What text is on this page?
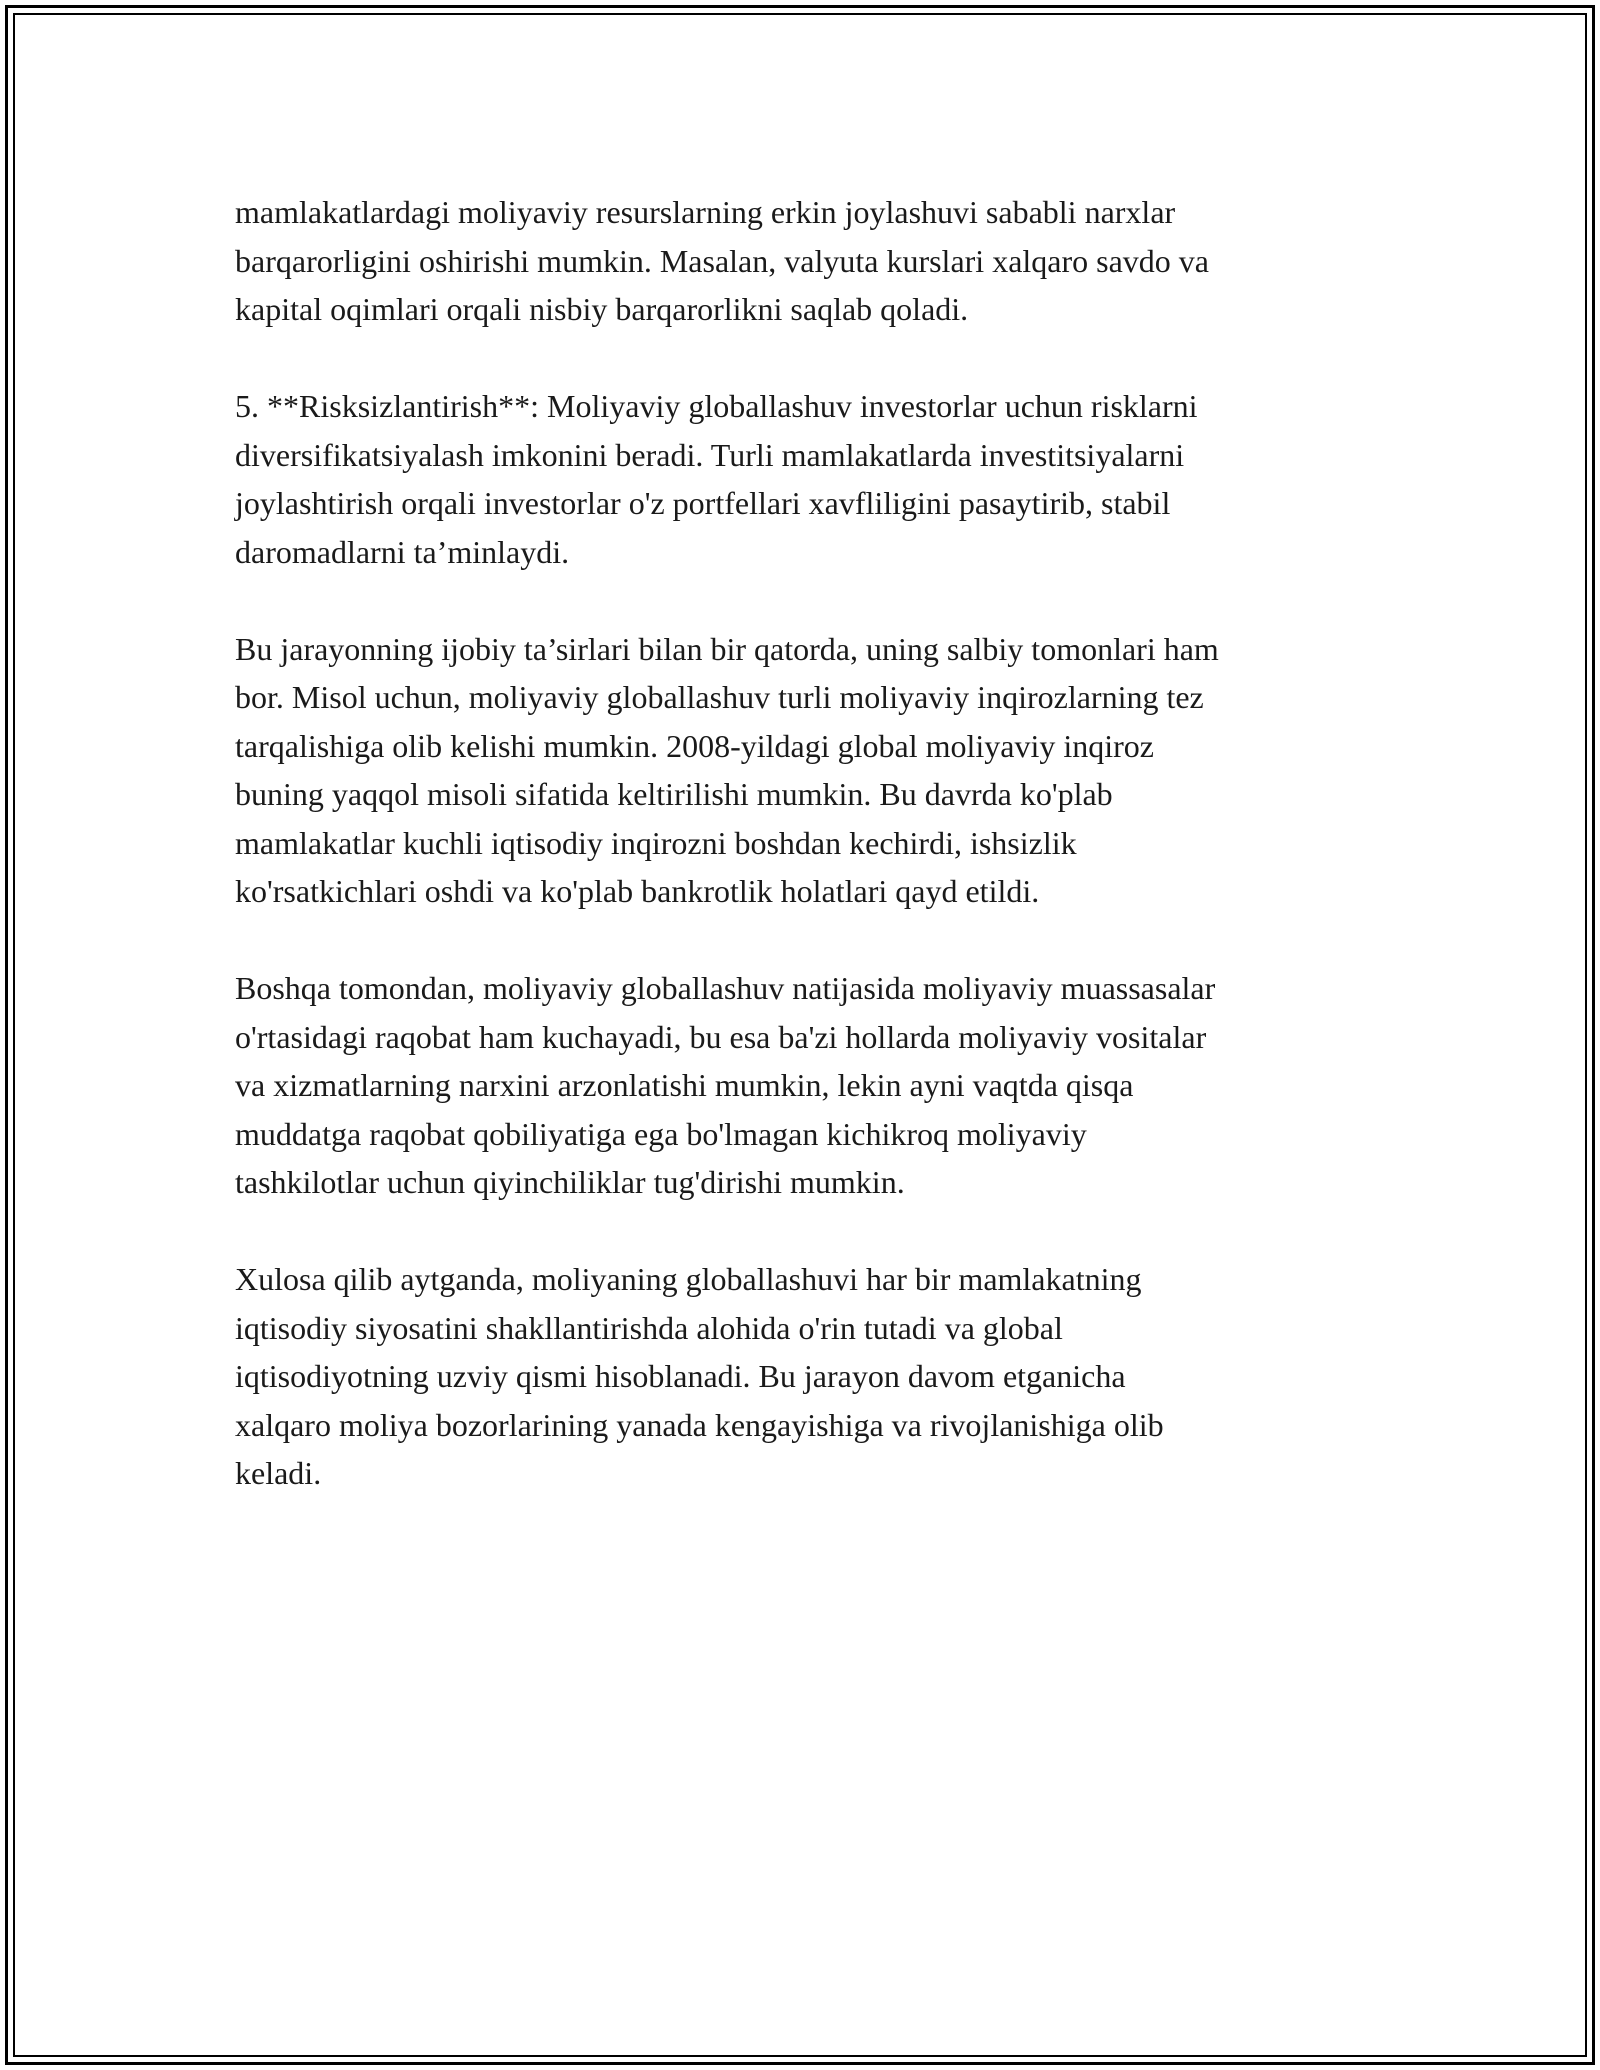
mamlakatlardagi moliyaviy resurslarning erkin joylashuvi sababli narxlar
barqarorligini oshirishi mumkin. Masalan, valyuta kurslari xalqaro savdo va
kapital oqimlari orqali nisbiy barqarorlikni saqlab qoladi.

5. **Risksizlantirish**: Moliyaviy globallashuv investorlar uchun risklarni
diversifikatsiyalash imkonini beradi. Turli mamlakatlarda investitsiyalarni
joylashtirish orqali investorlar o'z portfellari xavfliligini pasaytirib, stabil
daromadlarni ta’minlaydi.

Bu jarayonning ijobiy ta’sirlari bilan bir qatorda, uning salbiy tomonlari ham
bor. Misol uchun, moliyaviy globallashuv turli moliyaviy inqirozlarning tez
tarqalishiga olib kelishi mumkin. 2008-yildagi global moliyaviy inqiroz
buning yaqqol misoli sifatida keltirilishi mumkin. Bu davrda ko'plab
mamlakatlar kuchli iqtisodiy inqirozni boshdan kechirdi, ishsizlik
ko'rsatkichlari oshdi va ko'plab bankrotlik holatlari qayd etildi.

Boshqa tomondan, moliyaviy globallashuv natijasida moliyaviy muassasalar
o'rtasidagi raqobat ham kuchayadi, bu esa ba'zi hollarda moliyaviy vositalar
va xizmatlarning narxini arzonlatishi mumkin, lekin ayni vaqtda qisqa
muddatga raqobat qobiliyatiga ega bo'lmagan kichikroq moliyaviy
tashkilotlar uchun qiyinchiliklar tug'dirishi mumkin.

Xulosa qilib aytganda, moliyaning globallashuvi har bir mamlakatning
iqtisodiy siyosatini shakllantirishda alohida o'rin tutadi va global
iqtisodiyotning uzviy qismi hisoblanadi. Bu jarayon davom etganicha
xalqaro moliya bozorlarining yanada kengayishiga va rivojlanishiga olib
keladi.
